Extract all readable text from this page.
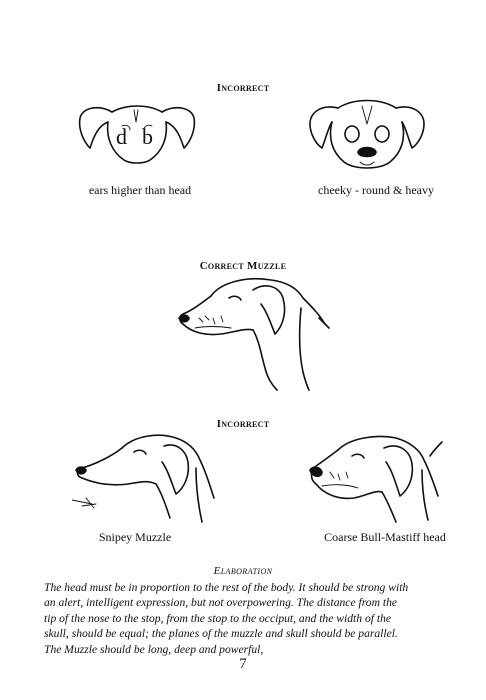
Incorrect
d b
ears higher than head	cheeky - round & heavy
Correct Muzzle
Incorrect
Snipey Muzzle	Coarse Bull-Mastiff head
Elaboration
The head must be in proportion to the rest of the body. It should be strong with
an alert, intelligent expression, but not overpowering. The distance from the
tip of the nose to the stop, from the stop to the occiput, and the width of the
skull, should be equal; the planes of the muzzle and skull should be parallel.
The Muzzle should be long, deep and powerful,
7
